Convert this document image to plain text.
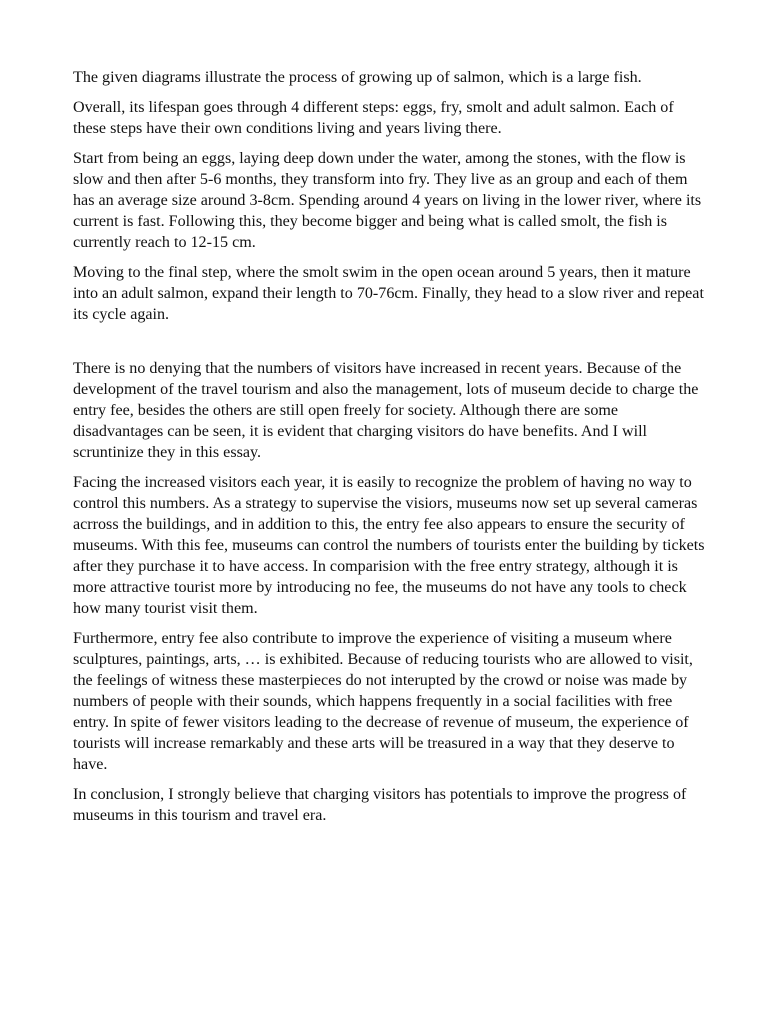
The given diagrams illustrate the process of growing up of salmon, which is a large fish.

Overall, its lifespan goes through 4 different steps: eggs, fry, smolt and adult salmon. Each of these steps have their own conditions living and years living there.

Start from being an eggs, laying deep down under the water, among the stones, with the flow is slow and then after 5-6 months, they transform into fry. They live as an group and each of them has an average size around 3-8cm. Spending around 4 years on living in the lower river, where its current is fast. Following this, they become bigger and being what is called smolt, the fish is currently reach to 12-15 cm.

Moving to the final step, where the smolt swim in the open ocean around 5 years, then it mature into an adult salmon, expand their length to 70-76cm. Finally, they head to a slow river and repeat its cycle again.

There is no denying that the numbers of visitors have increased in recent years. Because of the development of the travel tourism and also the management, lots of museum decide to charge the entry fee, besides the others are still open freely for society. Although there are some disadvantages can be seen, it is evident that charging visitors do have benefits. And I will scruntinize they in this essay.

Facing the increased visitors each year, it is easily to recognize the problem of having no way to control this numbers. As a strategy to supervise the visiors, museums now set up several cameras acrross the buildings, and in addition to this, the entry fee also appears to ensure the security of museums. With this fee, museums can control the numbers of tourists enter the building by tickets after they purchase it to have access. In comparision with the free entry strategy, although it is more attractive tourist more by introducing no fee, the museums do not have any tools to check how many tourist visit them.

Furthermore, entry fee also contribute to improve the experience of visiting a museum where sculptures, paintings, arts, … is exhibited. Because of reducing tourists who are allowed to visit, the feelings of witness these masterpieces do not interupted by the crowd or noise was made by numbers of people with their sounds, which happens frequently in a social facilities with free entry. In spite of fewer visitors leading to the decrease of revenue of museum, the experience of tourists will increase remarkably and these arts will be treasured in a way that they deserve to have.

In conclusion, I strongly believe that charging visitors has potentials to improve the progress of museums in this tourism and travel era.
